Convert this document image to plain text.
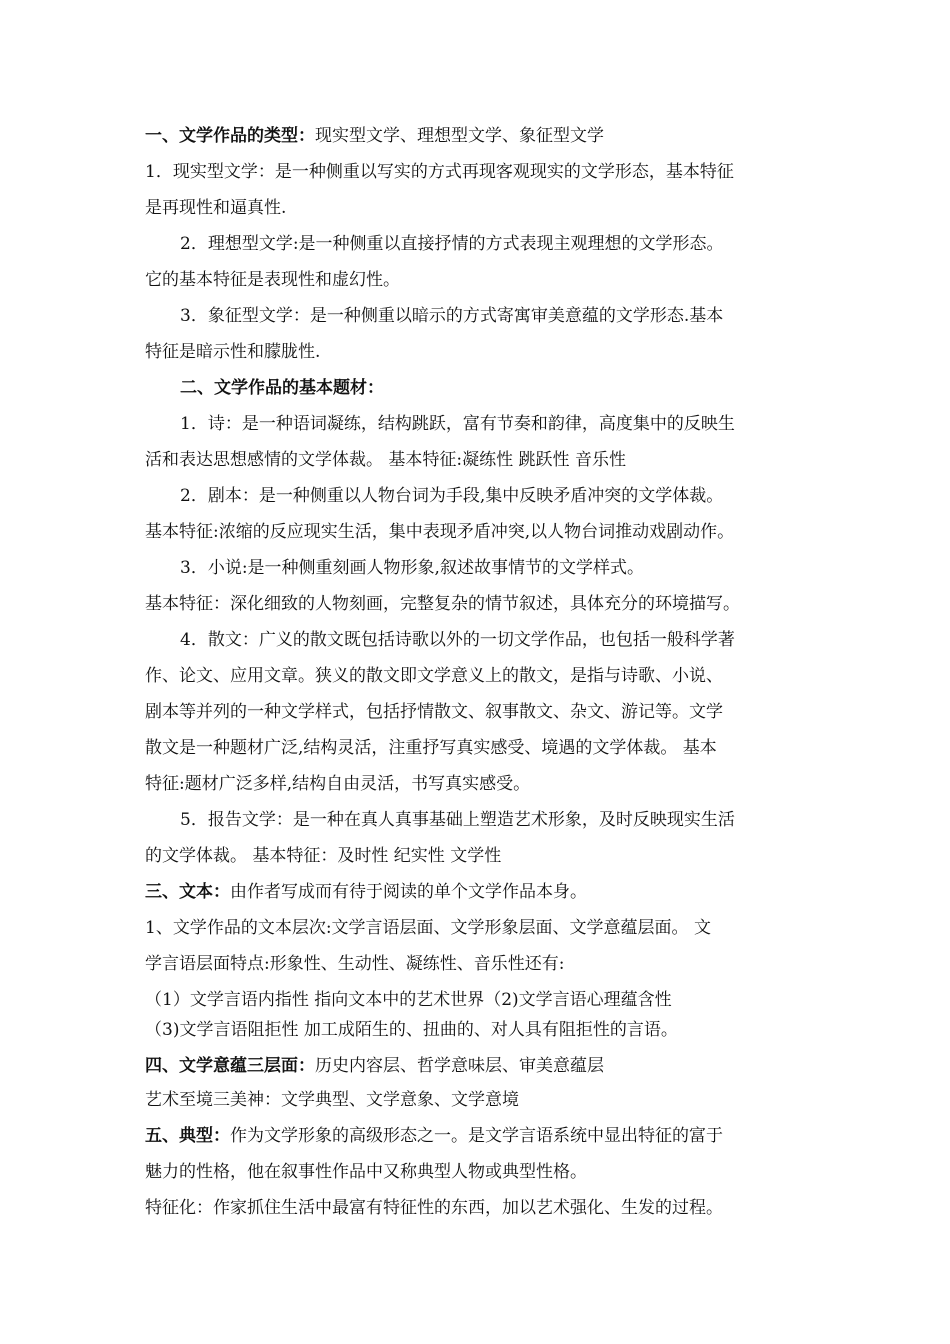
一、文学作品的类型：现实型文学、理想型文学、象征型文学
1．现实型文学：是一种侧重以写实的方式再现客观现实的文学形态，基本特征
是再现性和逼真性.
2．理想型文学:是一种侧重以直接抒情的方式表现主观理想的文学形态。
它的基本特征是表现性和虚幻性。
3．象征型文学：是一种侧重以暗示的方式寄寓审美意蕴的文学形态.基本
特征是暗示性和朦胧性.
二、文学作品的基本题材：
1．诗：是一种语词凝练，结构跳跃，富有节奏和韵律，高度集中的反映生
活和表达思想感情的文学体裁。 基本特征:凝练性 跳跃性 音乐性
2．剧本：是一种侧重以人物台词为手段,集中反映矛盾冲突的文学体裁。
基本特征:浓缩的反应现实生活，集中表现矛盾冲突,以人物台词推动戏剧动作。
3．小说:是一种侧重刻画人物形象,叙述故事情节的文学样式。
基本特征：深化细致的人物刻画，完整复杂的情节叙述，具体充分的环境描写。
4．散文：广义的散文既包括诗歌以外的一切文学作品，也包括一般科学著
作、论文、应用文章。狭义的散文即文学意义上的散文，是指与诗歌、小说、
剧本等并列的一种文学样式，包括抒情散文、叙事散文、杂文、游记等。文学
散文是一种题材广泛,结构灵活，注重抒写真实感受、境遇的文学体裁。 基本
特征:题材广泛多样,结构自由灵活，书写真实感受。
5．报告文学：是一种在真人真事基础上塑造艺术形象，及时反映现实生活
的文学体裁。 基本特征：及时性 纪实性 文学性
三、文本：由作者写成而有待于阅读的单个文学作品本身。
1、文学作品的文本层次:文学言语层面、文学形象层面、文学意蕴层面。 文
学言语层面特点:形象性、生动性、凝练性、音乐性还有:
（1）文学言语内指性 指向文本中的艺术世界（2)文学言语心理蕴含性
（3)文学言语阻拒性 加工成陌生的、扭曲的、对人具有阻拒性的言语。
四、文学意蕴三层面：历史内容层、哲学意味层、审美意蕴层
艺术至境三美神：文学典型、文学意象、文学意境
五、典型：作为文学形象的高级形态之一。是文学言语系统中显出特征的富于
魅力的性格，他在叙事性作品中又称典型人物或典型性格。
特征化：作家抓住生活中最富有特征性的东西，加以艺术强化、生发的过程。
